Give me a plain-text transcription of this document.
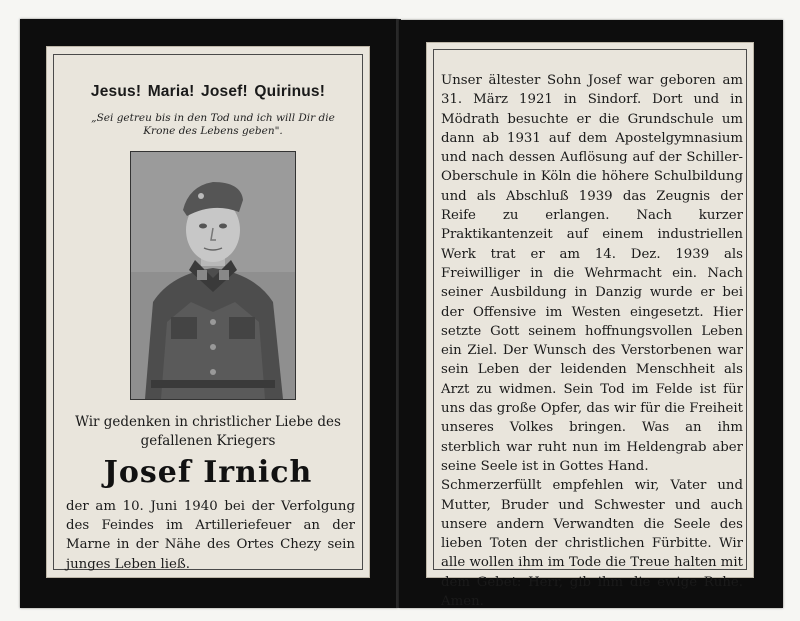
Jesus! Maria! Josef! Quirinus!
„Sei getreu bis in den Tod und ich will Dir die Krone des Lebens geben".
Wir gedenken in christlicher Liebe des gefallenen Kriegers
Josef Irnich
der am 10. Juni 1940 bei der Verfolgung des Feindes im Artilleriefeuer an der Marne in der Nähe des Ortes Chezy sein junges Leben ließ.

Unser ältester Sohn Josef war geboren am 31. März 1921 in Sindorf. Dort und in Mödrath besuchte er die Grundschule um dann ab 1931 auf dem Apostelgymnasium und nach dessen Auflösung auf der Schiller-Oberschule in Köln die höhere Schulbildung und als Abschluß 1939 das Zeugnis der Reife zu erlangen. Nach kurzer Praktikantenzeit auf einem industriellen Werk trat er am 14. Dez. 1939 als Freiwilliger in die Wehrmacht ein. Nach seiner Ausbildung in Danzig wurde er bei der Offensive im Westen eingesetzt. Hier setzte Gott seinem hoffnungsvollen Leben ein Ziel. Der Wunsch des Verstorbenen war sein Leben der leidenden Menschheit als Arzt zu widmen. Sein Tod im Felde ist für uns das große Opfer, das wir für die Freiheit unseres Volkes bringen. Was an ihm sterblich war ruht nun im Heldengrab aber seine Seele ist in Gottes Hand.

Schmerzerfüllt empfehlen wir, Vater und Mutter, Bruder und Schwester und auch unsere andern Verwandten die Seele des lieben Toten der christlichen Fürbitte. Wir alle wollen ihm im Tode die Treue halten mit dem Gebet: Herr, gib ihm die ewige Ruhe. Amen.
